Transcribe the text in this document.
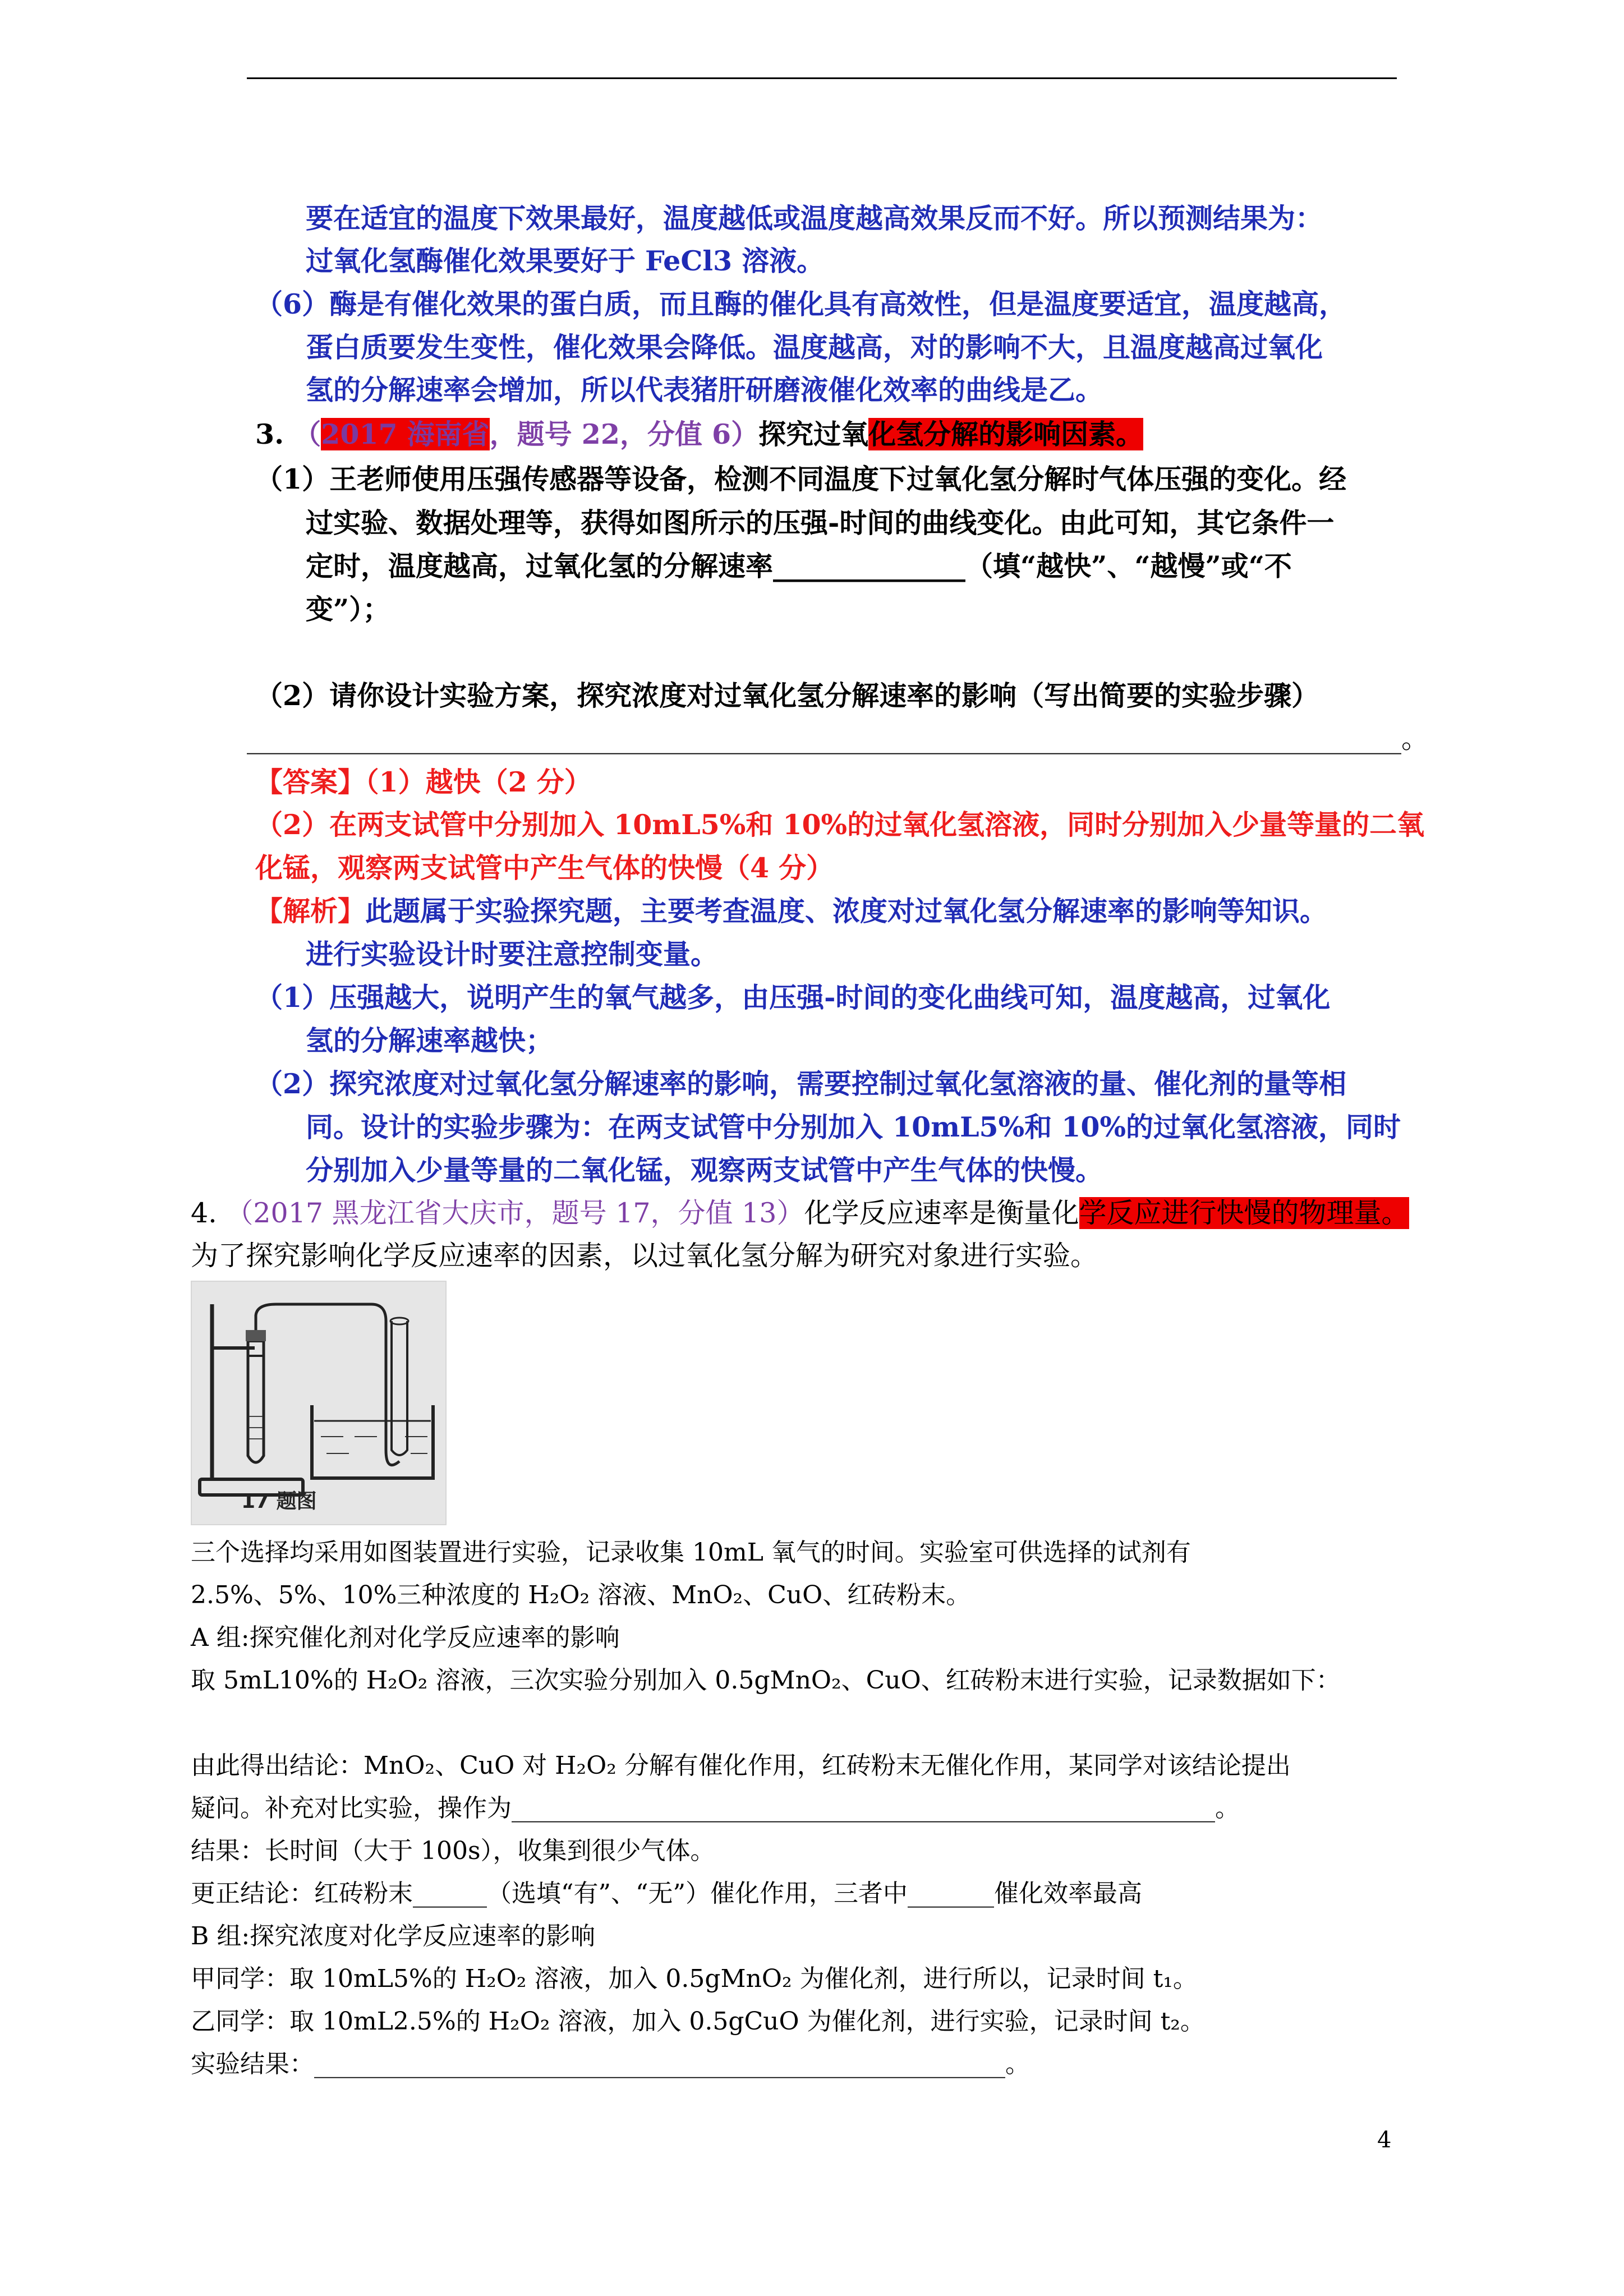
要在适宜的温度下效果最好，温度越低或温度越高效果反而不好。所以预测结果为：
过氧化氢酶催化效果要好于 FeCl3 溶液。
（6）酶是有催化效果的蛋白质，而且酶的催化具有高效性，但是温度要适宜，温度越高，
蛋白质要发生变性，催化效果会降低。温度越高，对的影响不大，且温度越高过氧化
氢的分解速率会增加，所以代表猪肝研磨液催化效率的曲线是乙。
3. （2017 海南省，题号 22，分值 6）探究过氧化氢分解的影响因素。
（1）王老师使用压强传感器等设备，检测不同温度下过氧化氢分解时气体压强的变化。经
过实验、数据处理等，获得如图所示的压强-时间的曲线变化。由此可知，其它条件一
定时，温度越高，过氧化氢的分解速率______________（填“越快”、“越慢”或“不
变”）；
（2）请你设计实验方案，探究浓度对过氧化氢分解速率的影响（写出简要的实验步骤）
____________________________________________________________________________________。
【答案】（1）越快（2 分）
（2）在两支试管中分别加入 10mL5%和 10%的过氧化氢溶液，同时分别加入少量等量的二氧
化锰，观察两支试管中产生气体的快慢（4 分）
【解析】此题属于实验探究题，主要考查温度、浓度对过氧化氢分解速率的影响等知识。
进行实验设计时要注意控制变量。
（1）压强越大，说明产生的氧气越多，由压强-时间的变化曲线可知，温度越高，过氧化
氢的分解速率越快；
（2）探究浓度对过氧化氢分解速率的影响，需要控制过氧化氢溶液的量、催化剂的量等相
同。设计的实验步骤为：在两支试管中分别加入 10mL5%和 10%的过氧化氢溶液，同时
分别加入少量等量的二氧化锰，观察两支试管中产生气体的快慢。
4. （2017 黑龙江省大庆市，题号 17，分值 13）化学反应速率是衡量化学反应进行快慢的物理量。
为了探究影响化学反应速率的因素，以过氧化氢分解为研究对象进行实验。
17 题图
三个选择均采用如图装置进行实验，记录收集 10mL 氧气的时间。实验室可供选择的试剂有
2.5%、5%、10%三种浓度的 H₂O₂ 溶液、MnO₂、CuO、红砖粉末。
A 组:探究催化剂对化学反应速率的影响
取 5mL10%的 H₂O₂ 溶液，三次实验分别加入 0.5gMnO₂、CuO、红砖粉末进行实验，记录数据如下：
由此得出结论：MnO₂、CuO 对 H₂O₂ 分解有催化作用，红砖粉末无催化作用，某同学对该结论提出
疑问。补充对比实验，操作为_________________________________________________________。
结果：长时间（大于 100s），收集到很少气体。
更正结论：红砖粉末______（选填“有”、“无”）催化作用，三者中_______催化效率最高
B 组:探究浓度对化学反应速率的影响
甲同学：取 10mL5%的 H₂O₂ 溶液，加入 0.5gMnO₂ 为催化剂，进行所以，记录时间 t₁。
乙同学：取 10mL2.5%的 H₂O₂ 溶液，加入 0.5gCuO 为催化剂，进行实验，记录时间 t₂。
实验结果：________________________________________________________。
4
